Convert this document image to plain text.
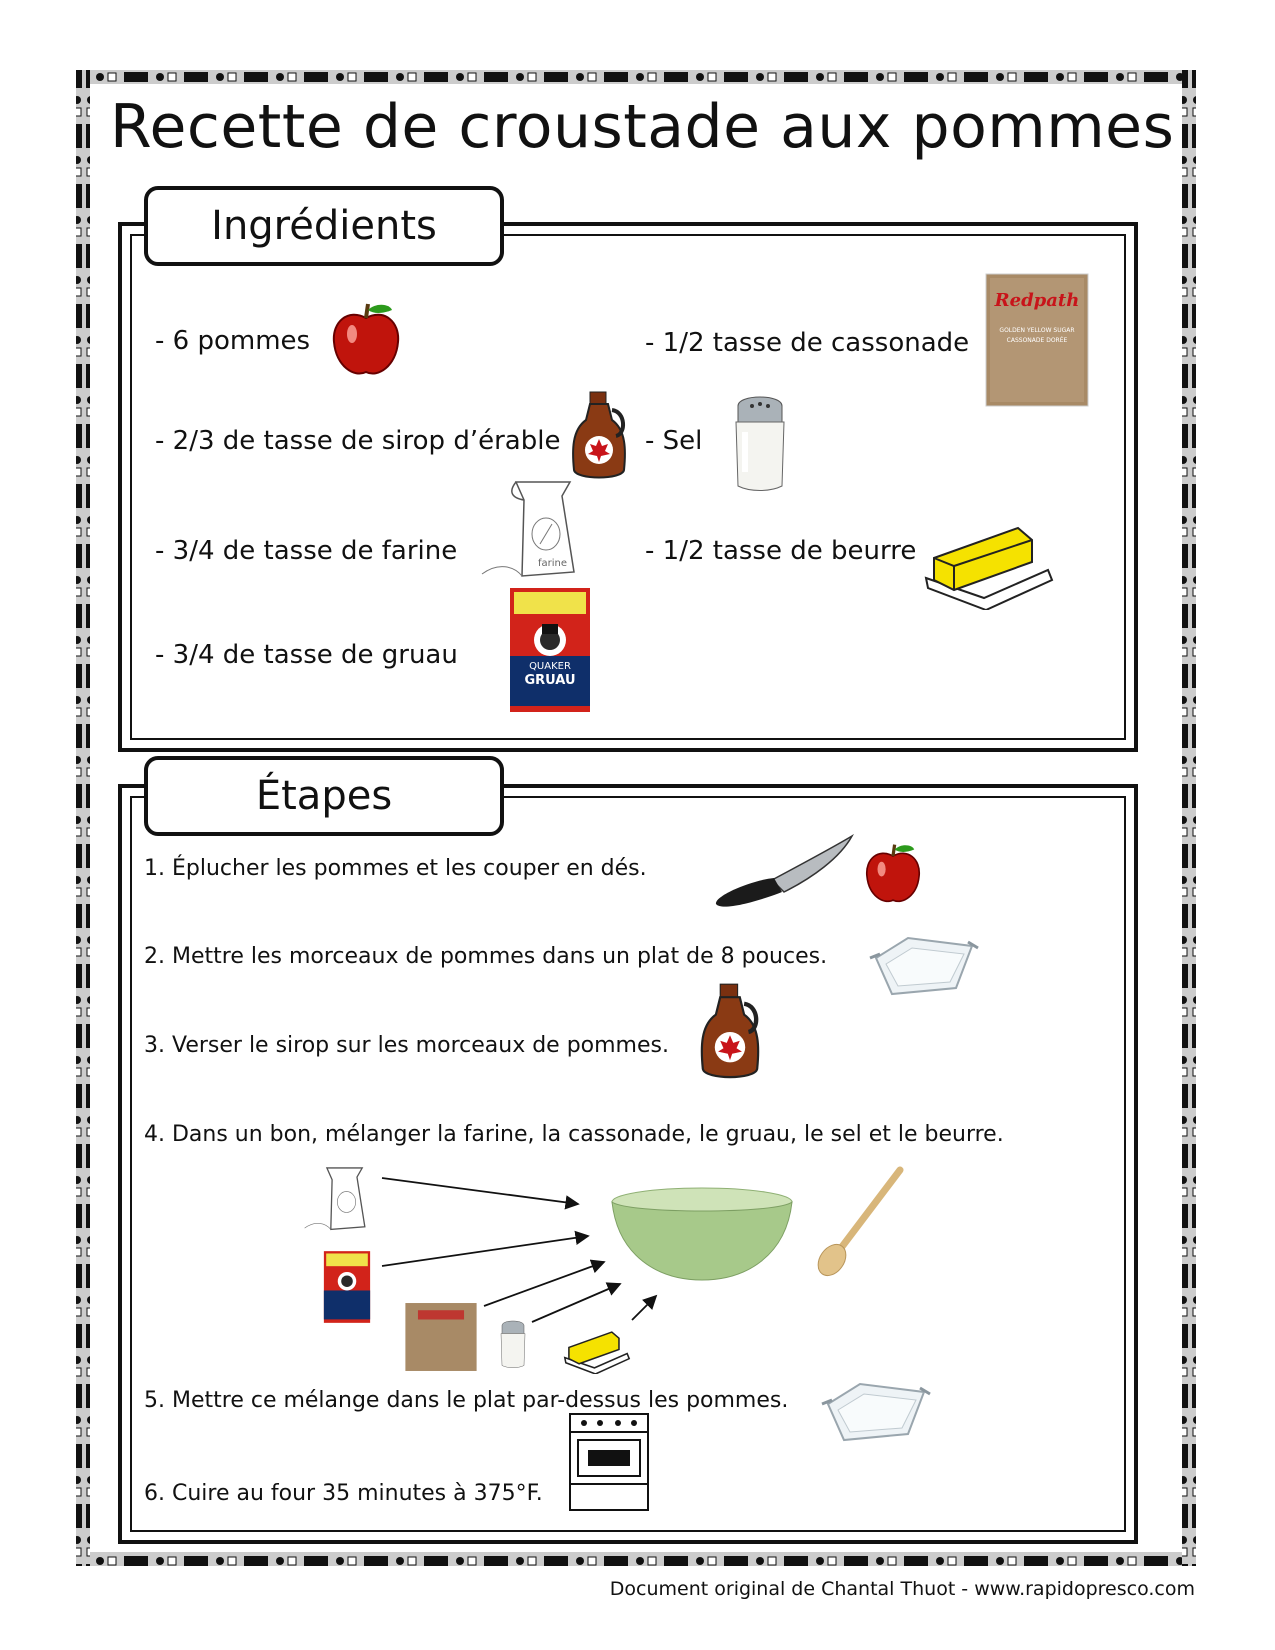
Recette de croustade aux pommes
Ingrédients
- 6 pommes
- 2/3 de tasse de sirop d’érable
- 3/4 de tasse de farine
- 3/4 de tasse de gruau
- 1/2 tasse de cassonade
- Sel
- 1/2 tasse de beurre
farine
QUAKER
GRUAU
Redpath
GOLDEN YELLOW SUGAR
CASSONADE DORÉE
Étapes
1. Éplucher les pommes et les couper en dés.
2. Mettre les morceaux de pommes dans un plat de 8 pouces.
3. Verser le sirop sur les morceaux de pommes.
4. Dans un bon, mélanger la farine, la cassonade, le gruau, le sel et le beurre.
5. Mettre ce mélange dans le plat par-dessus les pommes.
6. Cuire au four 35 minutes à 375°F.
Document original de Chantal Thuot - www.rapidopresco.com
